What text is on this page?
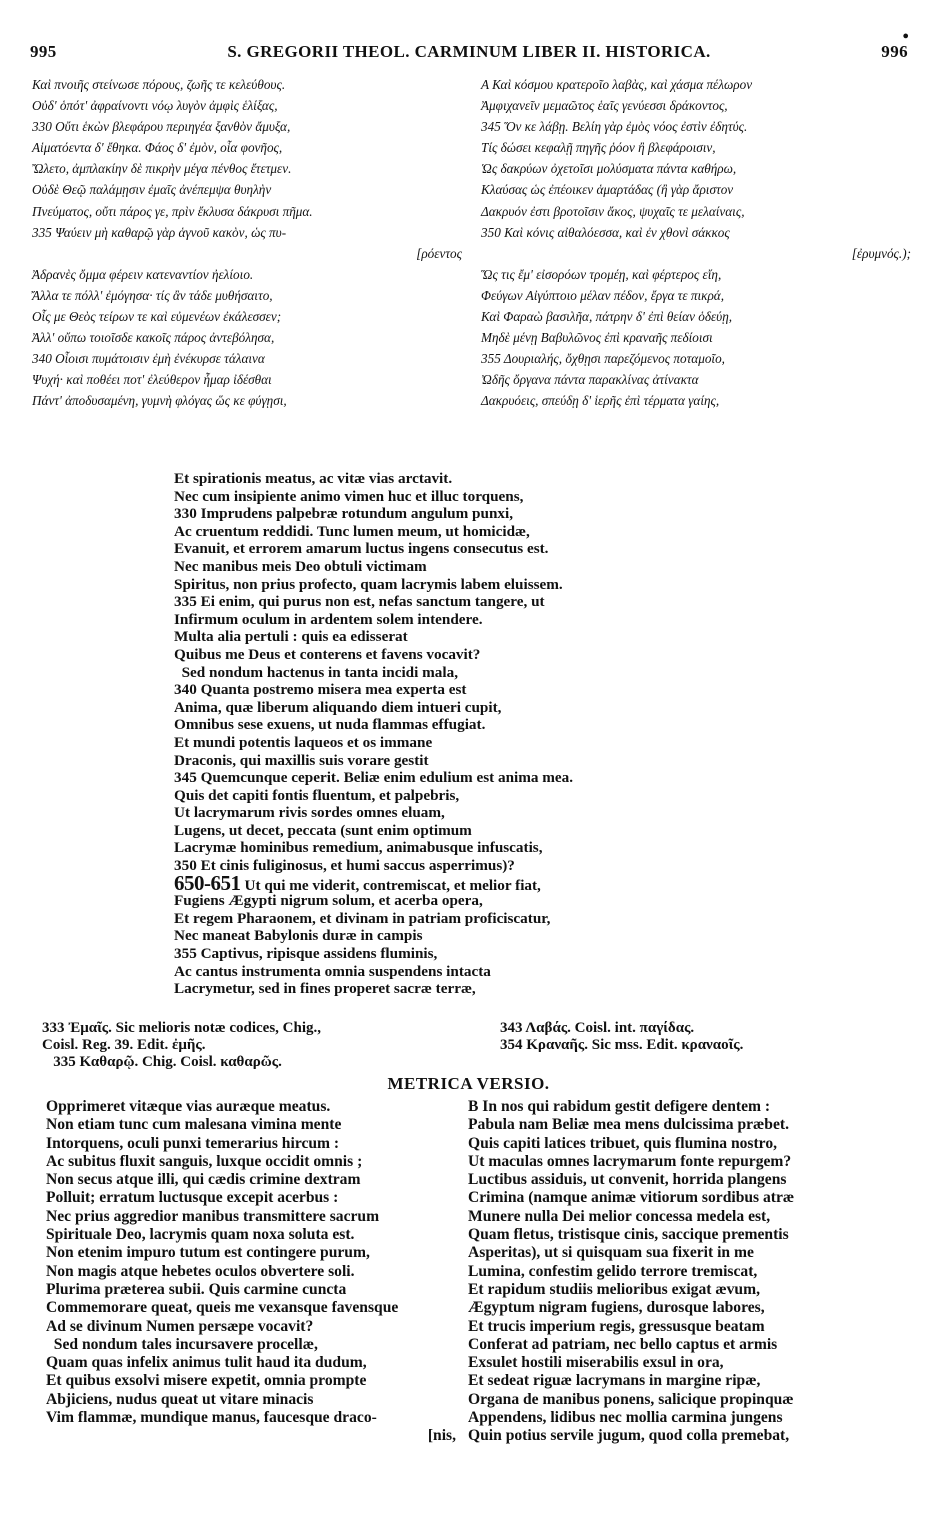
●
995	S. GREGORII THEOL. CARMINUM LIBER II. HISTORICA.	996
Καὶ πνοιῆς στείνωσε πόρους, ζωῆς τε κελεύθους.
Οὐδ' ὁπότ' ἀφραίνοντι νόῳ λυγὸν ἀμφὶς ἑλίξας,
330 Οὔτι ἑκὼν βλεφάρου περιηγέα ξανθὸν ἄμυξα,
Αἱματόεντα δ' ἔθηκα. Φάος δ' ἐμὸν, οἷα φονῆος,
Ὤλετο, ἀμπλακίην δὲ πικρὴν μέγα πένθος ἔτετμεν.
Οὐδὲ Θεῷ παλάμῃσιν ἐμαῖς ἀνέπεμψα θυηλὴν
Πνεύματος, οὔτι πάρος γε, πρὶν ἔκλυσα δάκρυσι πῆμα.
335 Ψαύειν μὴ καθαρῷ γὰρ ἁγνοῦ κακὸν, ὡς πυ-
[ρόεντος
Ἀδρανὲς ὄμμα φέρειν κατεναντίον ἠελίοιο.
Ἄλλα τε πόλλ' ἐμόγησα· τίς ἂν τάδε μυθήσαιτο,
Οἷς με Θεὸς τείρων τε καὶ εὐμενέων ἐκάλεσσεν;
Ἀλλ' οὔπω τοιοῖσδε κακοῖς πάρος ἀντεβόλησα,
340 Οἷοισι πυμάτοισιν ἐμὴ ἐνέκυρσε τάλαινα
Ψυχή· καὶ ποθέει ποτ' ἐλεύθερον ἦμαρ ἰδέσθαι
Πάντ' ἀποδυσαμένη, γυμνὴ φλόγας ὥς κε φύγῃσι,
A Καὶ κόσμου κρατεροῖο λαβὰς, καὶ χάσμα πέλωρον
Ἀμφιχανεῖν μεμαῶτος ἑαῖς γενύεσσι δράκοντος,
345 Ὅν κε λάβῃ. Βελίη γὰρ ἐμὸς νόος ἐστὶν ἐδητύς.
Τίς δώσει κεφαλῇ πηγῆς ῥόον ἢ βλεφάροισιν,
Ὡς δακρύων ὀχετοῖσι μολύσματα πάντα καθήρω,
Κλαύσας ὡς ἐπέοικεν ἁμαρτάδας (ἢ γὰρ ἄριστον
Δακρυόν ἐστι βροτοῖσιν ἄκος, ψυχαῖς τε μελαίναις,
350 Καὶ κόνις αἰθαλόεσσα, καὶ ἐν χθονὶ σάκκος
[ἐρυμνός.);
Ὥς τις ἔμ' εἰσορόων τρομέῃ, καὶ φέρτερος εἴη,
Φεύγων Αἰγύπτοιο μέλαν πέδον, ἔργα τε πικρά,
Καὶ Φαραὼ βασιλῆα, πάτρην δ' ἐπὶ θείαν ὁδεύῃ,
Μηδὲ μένῃ Βαβυλῶνος ἐπὶ κραναῆς πεδίοισι
355 Δουριαλής, ὄχθῃσι παρεζόμενος ποταμοῖο,
Ὠδῆς ὄργανα πάντα παρακλίνας ἀτίνακτα
Δακρυόεις, σπεύδῃ δ' ἱερῆς ἐπὶ τέρματα γαίης,
Et spirationis meatus, ac vitæ vias arctavit.
Nec cum insipiente animo vimen huc et illuc torquens,
330 Imprudens palpebræ rotundum angulum punxi,
Ac cruentum reddidi. Tunc lumen meum, ut homicidæ,
Evanuit, et errorem amarum luctus ingens consecutus est.
Nec manibus meis Deo obtuli victimam
Spiritus, non prius profecto, quam lacrymis labem eluissem.
335 Ei enim, qui purus non est, nefas sanctum tangere, ut
Infirmum oculum in ardentem solem intendere.
Multa alia pertuli : quis ea edisserat
Quibus me Deus et conterens et favens vocavit?
Sed nondum hactenus in tanta incidi mala,
340 Quanta postremo misera mea experta est
Anima, quæ liberum aliquando diem intueri cupit,
Omnibus sese exuens, ut nuda flammas effugiat.
Et mundi potentis laqueos et os immane
Draconis, qui maxillis suis vorare gestit
345 Quemcunque ceperit. Beliæ enim edulium est anima mea.
Quis det capiti fontis fluentum, et palpebris,
Ut lacrymarum rivis sordes omnes eluam,
Lugens, ut decet, peccata (sunt enim optimum
Lacrymæ hominibus remedium, animabusque infuscatis,
350 Et cinis fuliginosus, et humi saccus asperrimus)?
650-651 Ut qui me viderit, contremiscat, et melior fiat,
Fugiens Ægypti nigrum solum, et acerba opera,
Et regem Pharaonem, et divinam in patriam proficiscatur,
Nec maneat Babylonis duræ in campis
355 Captivus, ripisque assidens fluminis,
Ac cantus instrumenta omnia suspendens intacta
Lacrymetur, sed in fines properet sacræ terræ,
333 Ἐμαῖς. Sic melioris notæ codices, Chig.,
Coisl. Reg. 39. Edit. ἐμῆς.
335 Καθαρῷ. Chig. Coisl. καθαρῶς.
343 Λαβάς. Coisl. int. παγίδας.
354 Κραναῆς. Sic mss. Edit. κραναοῖς.
METRICA VERSIO.
Opprimeret vitæque vias auræque meatus.
Non etiam tunc cum malesana vimina mente
Intorquens, oculi punxi temerarius hircum :
Ac subitus fluxit sanguis, luxque occidit omnis ;
Non secus atque illi, qui cædis crimine dextram
Polluit; erratum luctusque excepit acerbus :
Nec prius aggredior manibus transmittere sacrum
Spirituale Deo, lacrymis quam noxa soluta est.
Non etenim impuro tutum est contingere purum,
Non magis atque hebetes oculos obvertere soli.
Plurima præterea subii. Quis carmine cuncta
Commemorare queat, queis me vexansque favensque
Ad se divinum Numen persæpe vocavit?
Sed nondum tales incursavere procellæ,
Quam quas infelix animus tulit haud ita dudum,
Et quibus exsolvi misere expetit, omnia prompte
Abjiciens, nudus queat ut vitare minacis
Vim flammæ, mundique manus, faucesque draco-
[nis,
B In nos qui rabidum gestit defigere dentem :
Pabula nam Beliæ mea mens dulcissima præbet.
Quis capiti latices tribuet, quis flumina nostro,
Ut maculas omnes lacrymarum fonte repurgem?
Luctibus assiduis, ut convenit, horrida plangens
Crimina (namque animæ vitiorum sordibus atræ
Munere nulla Dei melior concessa medela est,
Quam fletus, tristisque cinis, saccique prementis
Asperitas), ut si quisquam sua fixerit in me
Lumina, confestim gelido terrore tremiscat,
Et rapidum studiis melioribus exigat ævum,
Ægyptum nigram fugiens, durosque labores,
Et trucis imperium regis, gressusque beatam
Conferat ad patriam, nec bello captus et armis
Exsulet hostili miserabilis exsul in ora,
Et sedeat riguæ lacrymans in margine ripæ,
Organa de manibus ponens, salicique propinquæ
Appendens, lidibus nec mollia carmina jungens
Quin potius servile jugum, quod colla premebat,
